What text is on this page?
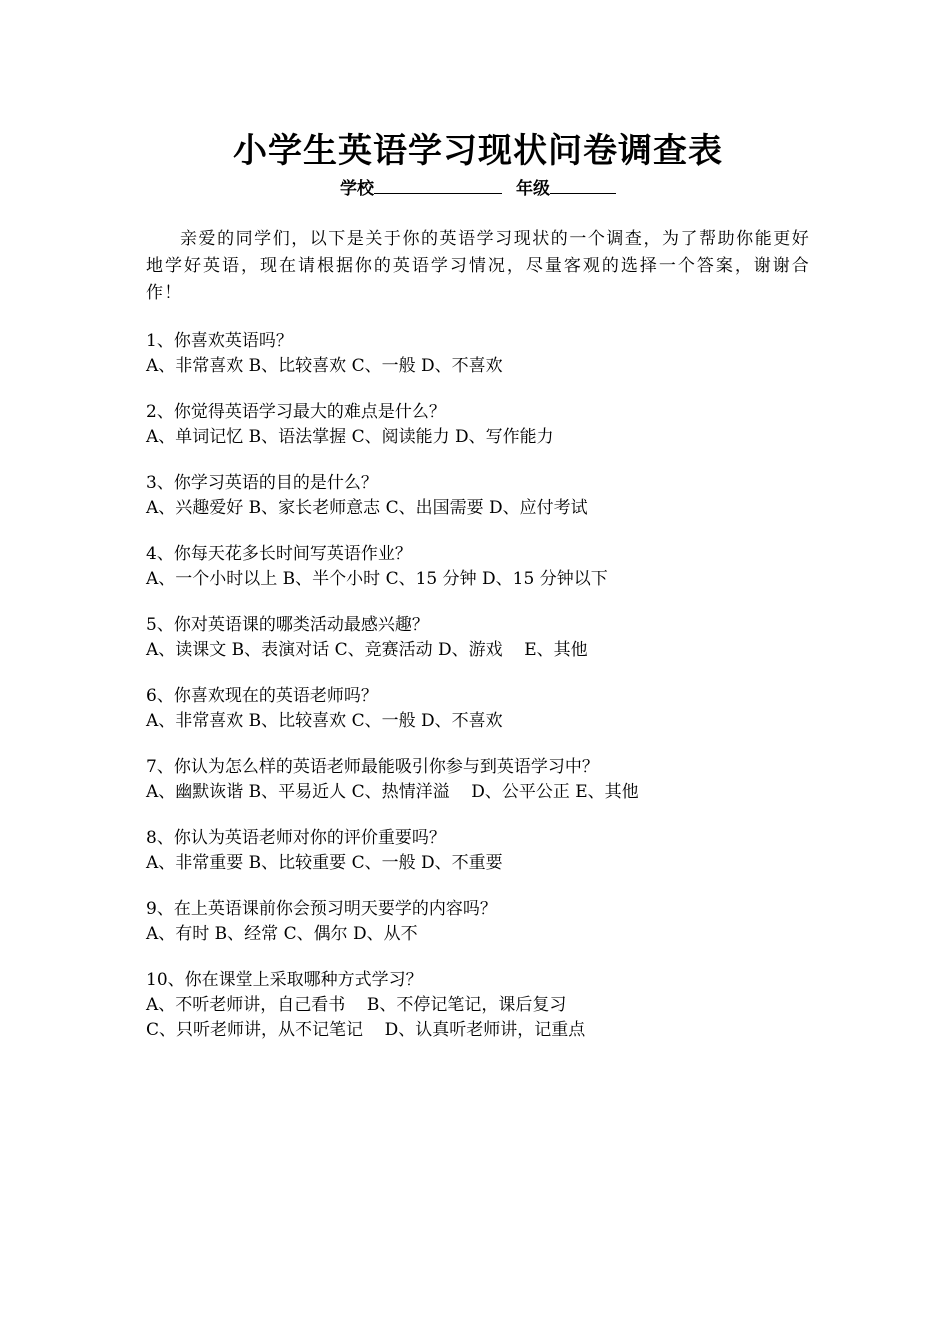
小学生英语学习现状问卷调查表
学校	年级

亲爱的同学们，以下是关于你的英语学习现状的一个调查，为了帮助你能更好地学好英语，现在请根据你的英语学习情况，尽量客观的选择一个答案，谢谢合作！

1、你喜欢英语吗？

A、非常喜欢 B、比较喜欢 C、一般 D、不喜欢

2、你觉得英语学习最大的难点是什么？

A、单词记忆 B、语法掌握 C、阅读能力 D、写作能力

3、你学习英语的目的是什么？

A、兴趣爱好 B、家长老师意志 C、出国需要 D、应付考试

4、你每天花多长时间写英语作业？

A、一个小时以上 B、半个小时 C、15 分钟 D、15 分钟以下

5、你对英语课的哪类活动最感兴趣？

A、读课文 B、表演对话 C、竞赛活动 D、游戏    E、其他

6、你喜欢现在的英语老师吗？

A、非常喜欢 B、比较喜欢 C、一般 D、不喜欢

7、你认为怎么样的英语老师最能吸引你参与到英语学习中？

A、幽默诙谐 B、平易近人 C、热情洋溢    D、公平公正 E、其他

8、你认为英语老师对你的评价重要吗？

A、非常重要 B、比较重要 C、一般 D、不重要

9、在上英语课前你会预习明天要学的内容吗？

A、有时 B、经常 C、偶尔 D、从不

10、你在课堂上采取哪种方式学习？

A、不听老师讲，自己看书    B、不停记笔记，课后复习

C、只听老师讲，从不记笔记    D、认真听老师讲，记重点
